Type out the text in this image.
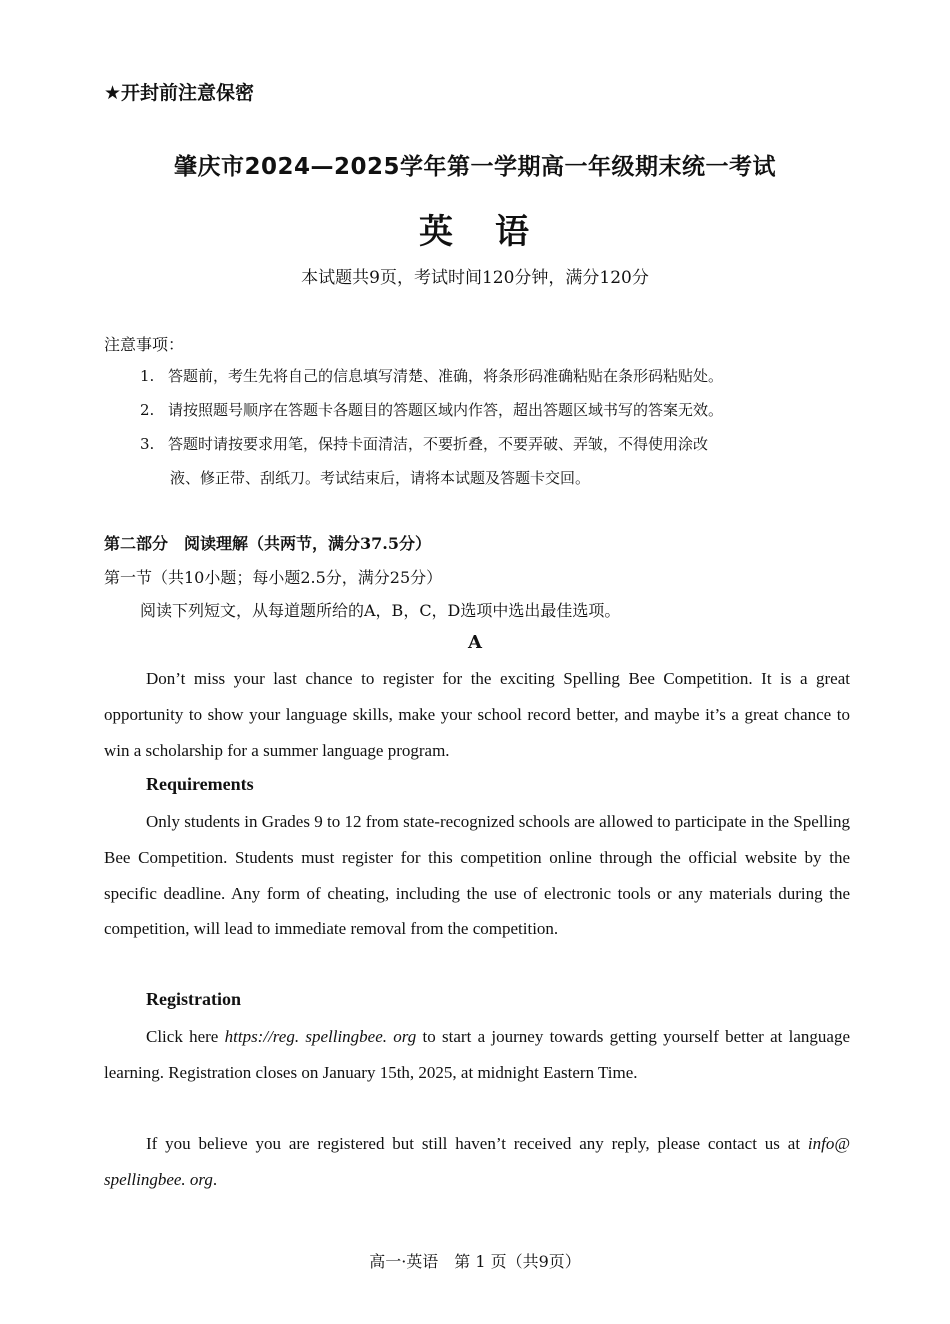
★开封前注意保密
肇庆市2024—2025学年第一学期高一年级期末统一考试
英 语
本试题共9页，考试时间120分钟，满分120分
注意事项：
1. 答题前，考生先将自己的信息填写清楚、准确，将条形码准确粘贴在条形码粘贴处。
2. 请按照题号顺序在答题卡各题目的答题区域内作答，超出答题区域书写的答案无效。
3. 答题时请按要求用笔，保持卡面清洁，不要折叠，不要弄破、弄皱，不得使用涂改
液、修正带、刮纸刀。考试结束后，请将本试题及答题卡交回。
第二部分　阅读理解（共两节，满分37.5分）
第一节（共10小题；每小题2.5分，满分25分）
阅读下列短文，从每道题所给的A，B，C，D选项中选出最佳选项。
A
Don’t miss your last chance to register for the exciting Spelling Bee Competition. It is a great opportunity to show your language skills, make your school record better, and maybe it’s a great chance to win a scholarship for a summer language program.
Requirements
Only students in Grades 9 to 12 from state-recognized schools are allowed to participate in the Spelling Bee Competition. Students must register for this competition online through the official website by the specific deadline. Any form of cheating, including the use of electronic tools or any materials during the competition, will lead to immediate removal from the competition.
Registration
Click here https://reg. spellingbee. org to start a journey towards getting yourself better at language learning. Registration closes on January 15th, 2025, at midnight Eastern Time.
If you believe you are registered but still haven’t received any reply, please contact us at info@ spellingbee. org.
高一·英语　第 1 页（共9页）
